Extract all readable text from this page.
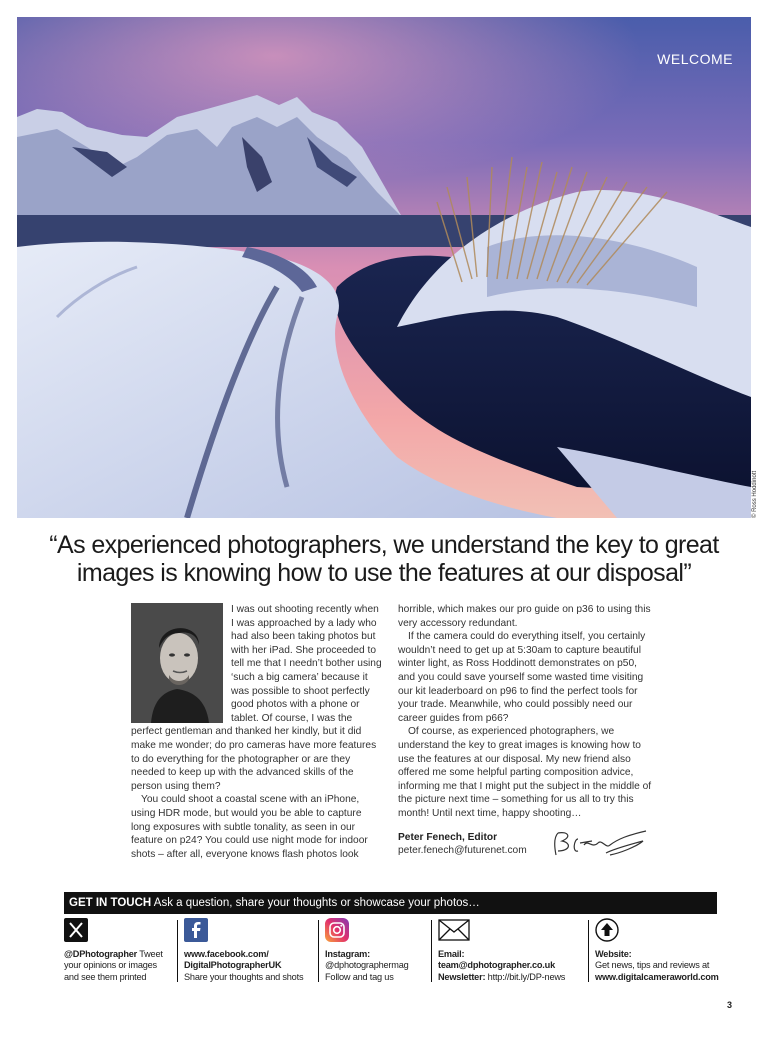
WELCOME
© Ross Hoddinott
“As experienced photographers, we understand the key to great
images is knowing how to use the features at our disposal”

I was out shooting recently when I was approached by a lady who had also been taking photos but with her iPad. She proceeded to tell me that I needn’t bother using ‘such a big camera’ because it was possible to shoot perfectly good photos with a phone or tablet. Of course, I was the perfect gentleman and thanked her kindly, but it did make me wonder; do pro cameras have more features to do everything for the photographer or are they needed to keep up with the advanced skills of the person using them?

You could shoot a coastal scene with an iPhone, using HDR mode, but would you be able to capture long exposures with subtle tonality, as seen in our feature on p24? You could use night mode for indoor shots – after all, everyone knows flash photos look

horrible, which makes our pro guide on p36 to using this very accessory redundant.

If the camera could do everything itself, you certainly wouldn’t need to get up at 5:30am to capture beautiful winter light, as Ross Hoddinott demonstrates on p50, and you could save yourself some wasted time visiting our kit leaderboard on p96 to find the perfect tools for your trade. Meanwhile, who could possibly need our career guides from p66?

Of course, as experienced photographers, we understand the key to great images is knowing how to use the features at our disposal. My new friend also offered me some helpful parting composition advice, informing me that I might put the subject in the middle of the picture next time – something for us all to try this month! Until next time, happy shooting…

Peter Fenech, Editor

peter.fenech@futurenet.com

GET IN TOUCH Ask a question, share your thoughts or showcase your photos…
@DPhotographer Tweet
your opinions or images
and see them printed
www.facebook.com/
DigitalPhotographerUK
Share your thoughts and shots
Instagram:
@dphotographermag
Follow and tag us
Email:
team@dphotographer.co.uk
Newsletter: http://bit.ly/DP-news
Website:
Get news, tips and reviews at
www.digitalcameraworld.com
3
